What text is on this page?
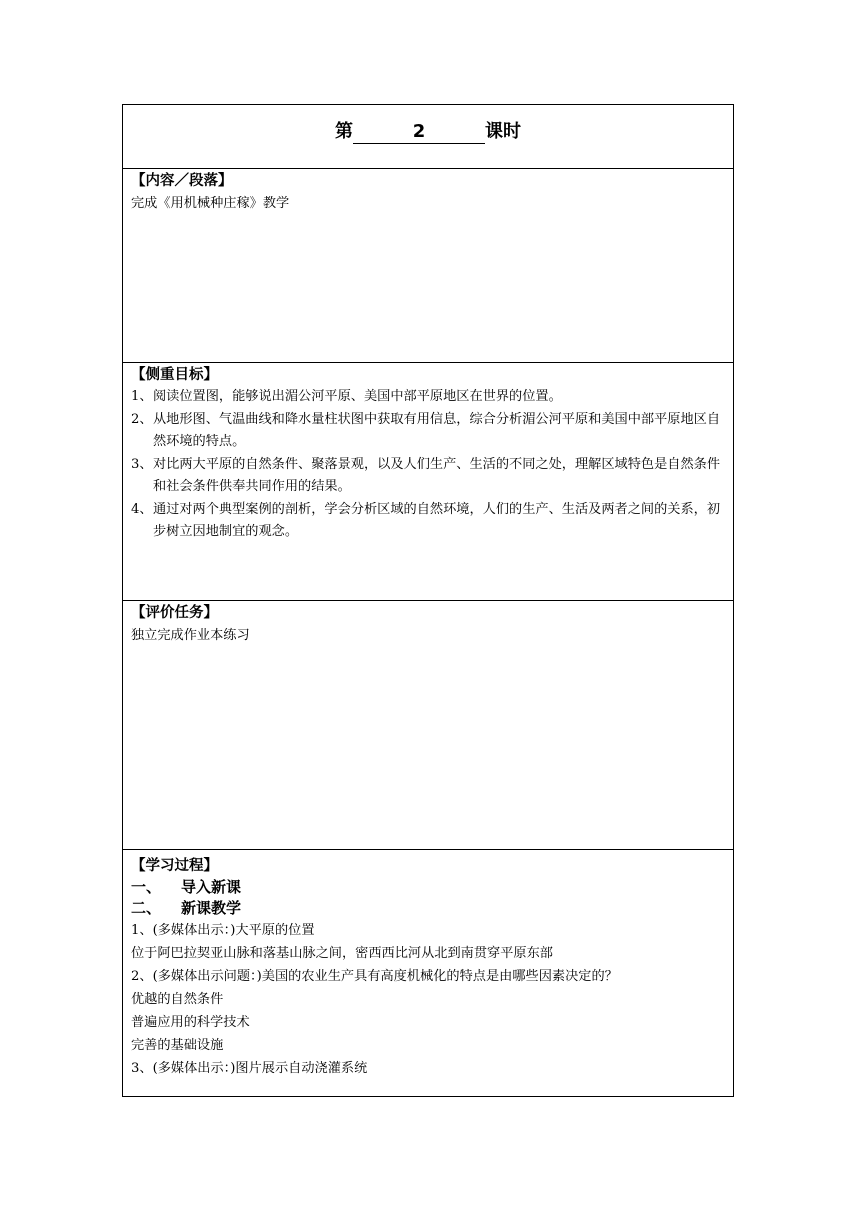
第	2	课时
【内容／段落】
完成《用机械种庄稼》教学
【侧重目标】
1、 阅读位置图，能够说出湄公河平原、美国中部平原地区在世界的位置。
2、 从地形图、气温曲线和降水量柱状图中获取有用信息，综合分析湄公河平原和美国中部平原地区自然环境的特点。
3、 对比两大平原的自然条件、聚落景观，以及人们生产、生活的不同之处，理解区域特色是自然条件和社会条件供奉共同作用的结果。
4、 通过对两个典型案例的剖析，学会分析区域的自然环境，人们的生产、生活及两者之间的关系，初步树立因地制宜的观念。
【评价任务】
独立完成作业本练习
【学习过程】
一、 导入新课
二、 新课教学
1、(多媒体出示：)大平原的位置
位于阿巴拉契亚山脉和落基山脉之间，密西西比河从北到南贯穿平原东部
2、(多媒体出示问题：)美国的农业生产具有高度机械化的特点是由哪些因素决定的？
优越的自然条件
普遍应用的科学技术
完善的基础设施
3、(多媒体出示：)图片展示自动浇灌系统
